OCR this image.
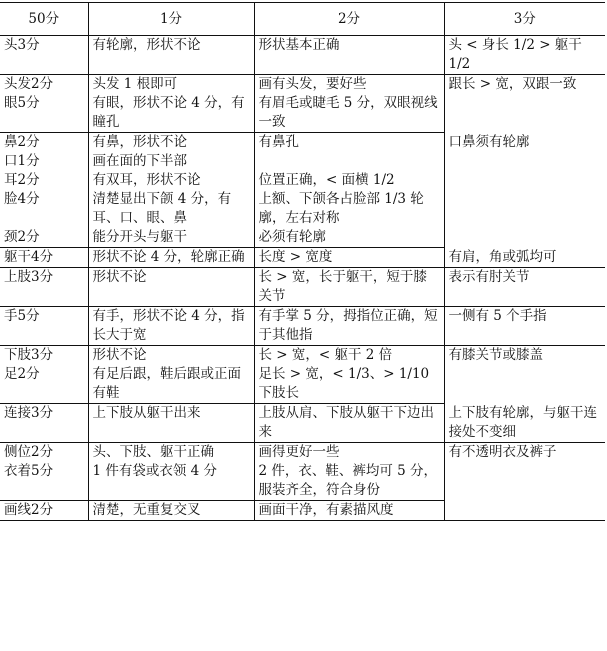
50分	1分	2分	3分
头3分	有轮廓，形状不论	形状基本正确	头 < 身长 1/2 > 躯干 1/2
头发2分	头发 1 根即可	画有头发，要好些	跟长 > 宽，双跟一致
眼5分	有眼，形状不论 4 分，有瞳孔	有眉毛或睫毛 5 分，双眼视线一致	
鼻2分	有鼻，形状不论	有鼻孔	口鼻须有轮廓
口1分	画在面的下半部		
耳2分	有双耳，形状不论	位置正确，< 面横 1/2	
脸4分	清楚显出下颌 4 分，有耳、口、眼、鼻	上额、下颌各占脸部 1/3 轮廓，左右对称	
颈2分	能分开头与躯干	必须有轮廓	
躯干4分	形状不论 4 分，轮廓正确	长度 > 宽度	有肩，角或弧均可
上肢3分	形状不论	长 > 宽，长于躯干，短于膝关节	表示有肘关节
手5分	有手，形状不论 4 分，指长大于宽	有手掌 5 分，拇指位正确，短于其他指	一侧有 5 个手指
下肢3分	形状不论	长 > 宽，< 躯干 2 倍	有膝关节或膝盖
足2分	有足后跟，鞋后跟或正面有鞋	足长 > 宽，< 1/3、> 1/10 下肢长	
连接3分	上下肢从躯干出来	上肢从肩、下肢从躯干下边出来	上下肢有轮廓，与躯干连接处不变细
侧位2分	头、下肢、躯干正确	画得更好一些	有不透明衣及裤子
衣着5分	1 件有袋或衣领 4 分	2 件，衣、鞋、裤均可 5 分，服装齐全，符合身份	
画线2分	清楚，无重复交叉	画面干净，有素描风度	
